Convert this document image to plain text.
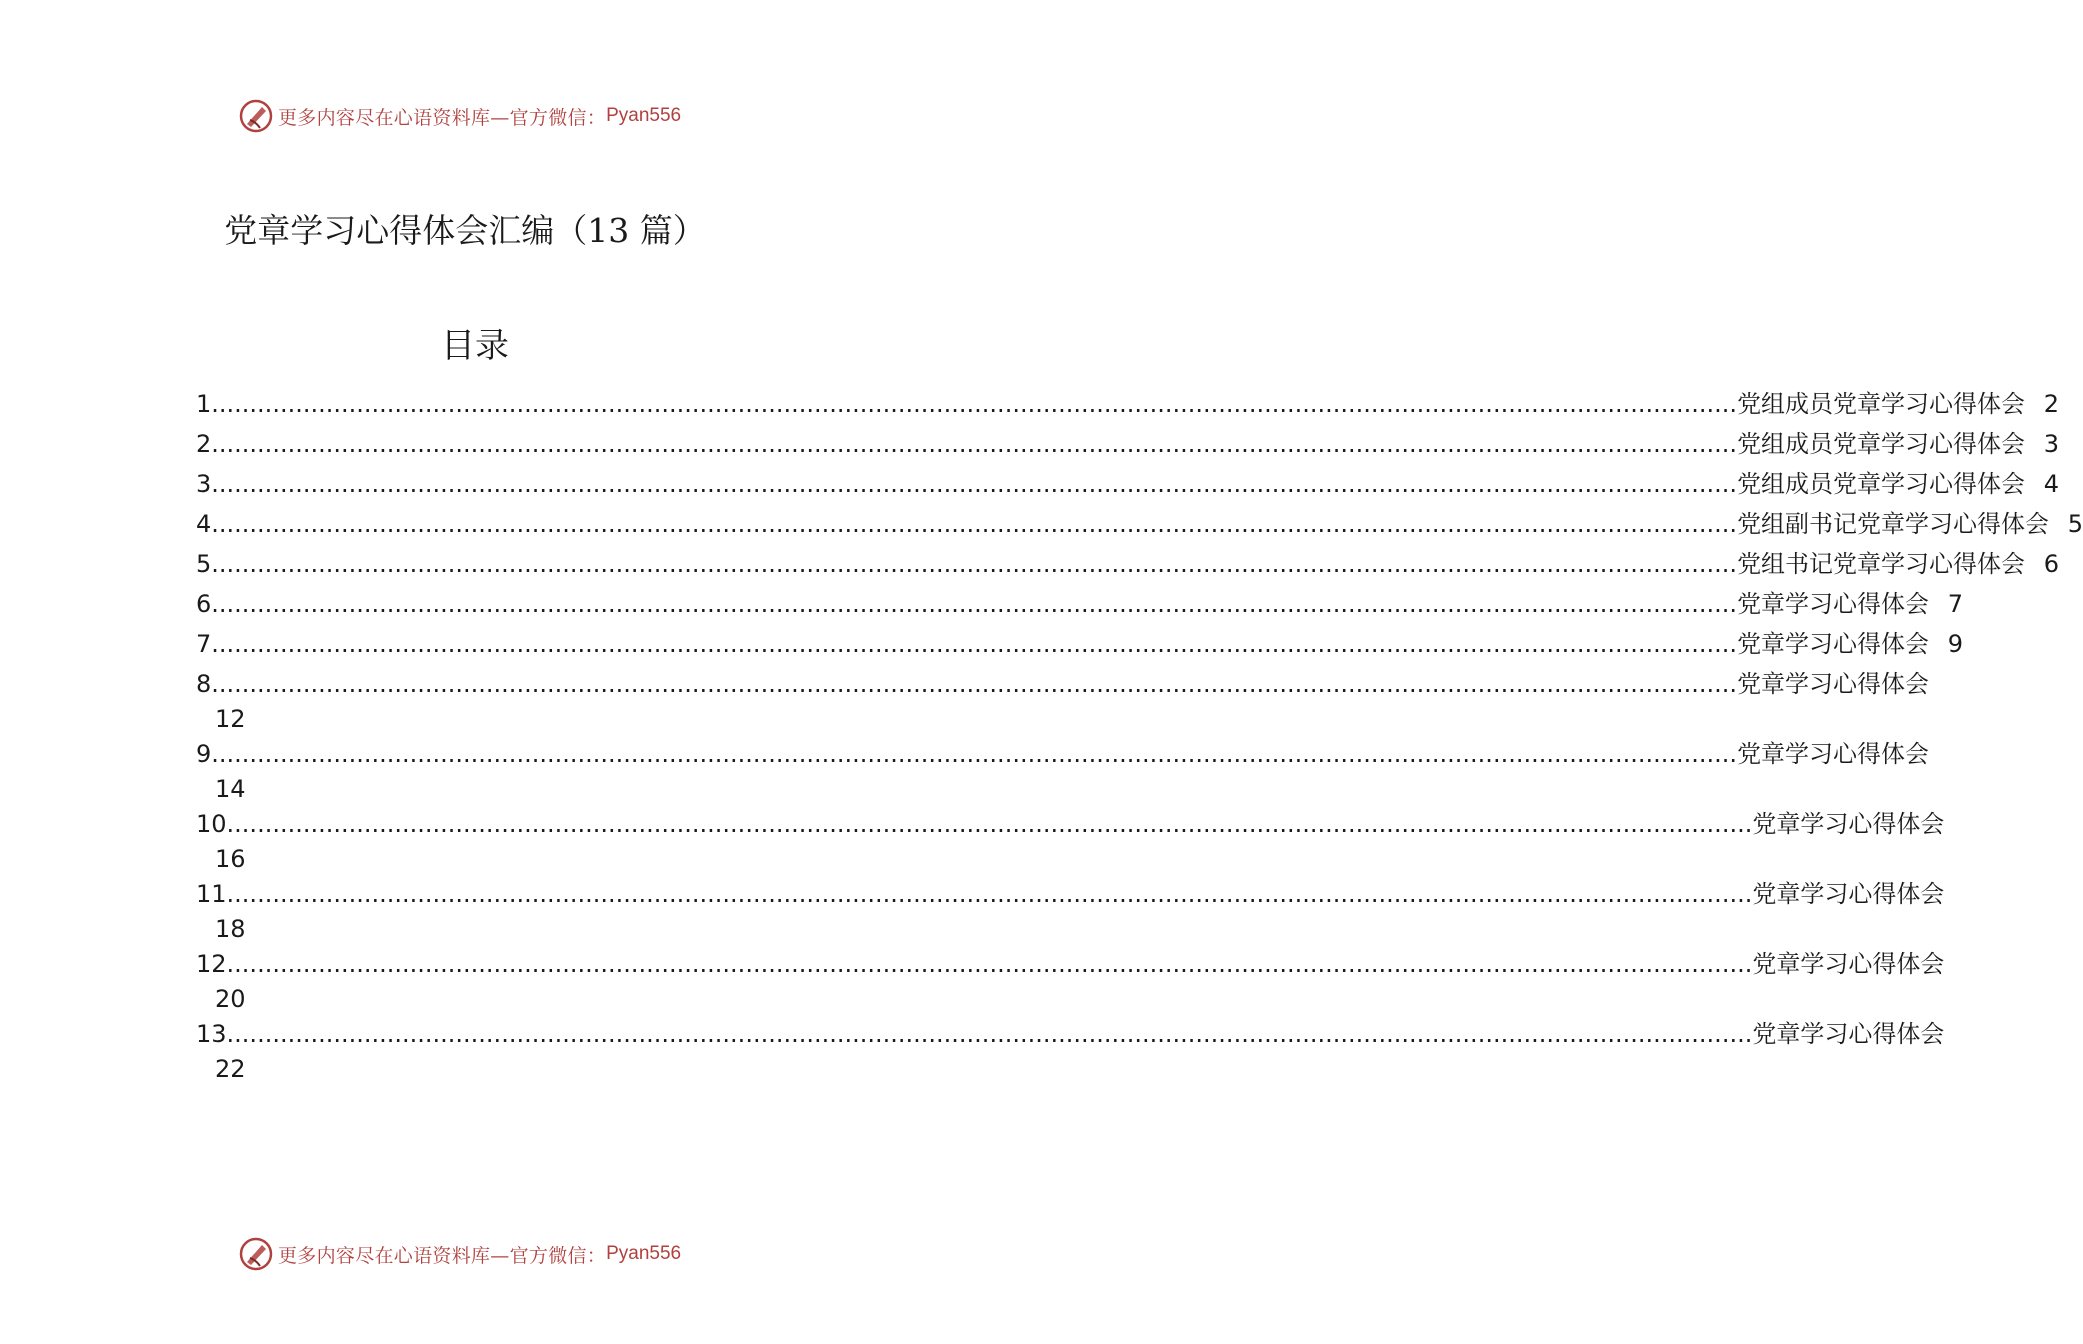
更多内容尽在心语资料库—官方微信： Pyan556
党章学习心得体会汇编（13 篇）
目录
1 ........................................................................................................................................................................................................ 党组成员党章学习心得体会 2
2 ........................................................................................................................................................................................................ 党组成员党章学习心得体会 3
3 ........................................................................................................................................................................................................ 党组成员党章学习心得体会 4
4 ........................................................................................................................................................................................................ 党组副书记党章学习心得体会 5
5 ........................................................................................................................................................................................................ 党组书记党章学习心得体会 6
6 ........................................................................................................................................................................................................ 党章学习心得体会 7
7 ........................................................................................................................................................................................................ 党章学习心得体会 9
8 ........................................................................................................................................................................................................ 党章学习心得体会
12
9 ........................................................................................................................................................................................................ 党章学习心得体会
14
10 ........................................................................................................................................................................................................ 党章学习心得体会
16
11 ........................................................................................................................................................................................................ 党章学习心得体会
18
12 ........................................................................................................................................................................................................ 党章学习心得体会
20
13 ........................................................................................................................................................................................................ 党章学习心得体会
22
更多内容尽在心语资料库—官方微信： Pyan556
